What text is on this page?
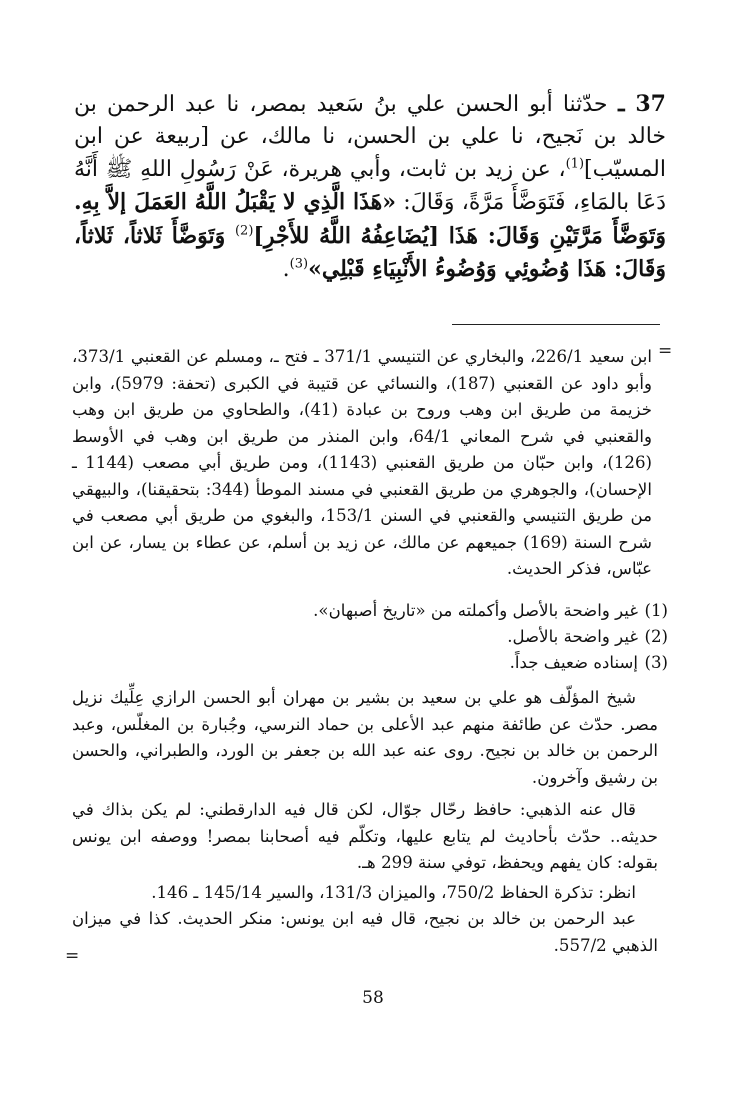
37 ـ حدّثنا أبو الحسن علي بنُ سَعيد بمصر، نا عبد الرحمن بن خالد بن نَجيح، نا علي بن الحسن، نا مالك، عن [ربيعة عن ابن المسيّب]$^{(1)}$، عن زيد بن ثابت، وأبي هريرة، عَنْ رَسُولِ اللهِ ﷺ أَنَّهُ دَعَا بالمَاءِ، فَتَوَضَّأَ مَرَّةً، وَقَالَ: «هَذَا الَّذِي لا يَقْبَلُ اللَّهُ العَمَلَ إلاَّ بِهِ. وَتَوَضَّأَ مَرَّتَيْنِ وَقَالَ: هَذَا [يُضَاعِفُهُ اللَّهُ للأَجْرِ]$^{(2)}$ وَتَوَضَّأَ ثَلاثاً، ثَلاثاً، وَقَالَ: هَذَا وُضُوئِي وَوُضُوءُ الأَنْبِيَاءِ قَبْلِي»$^{(3)}$.
=
ابن سعيد 226/1، والبخاري عن التنيسي 371/1 ـ فتح ـ، ومسلم عن القعنبي 373/1، وأبو داود عن القعنبي (187)، والنسائي عن قتيبة في الكبرى (تحفة: 5979)، وابن خزيمة من طريق ابن وهب وروح بن عبادة (41)، والطحاوي من طريق ابن وهب والقعنبي في شرح المعاني 64/1، وابن المنذر من طريق ابن وهب في الأوسط (126)، وابن حبّان من طريق القعنبي (1143)، ومن طريق أبي مصعب (1144 ـ الإحسان)، والجوهري من طريق القعنبي في مسند الموطأ (344: بتحقيقنا)، والبيهقي من طريق التنيسي والقعنبي في السنن 153/1، والبغوي من طريق أبي مصعب في شرح السنة (169) جميعهم عن مالك، عن زيد بن أسلم، عن عطاء بن يسار، عن ابن عبّاس، فذكر الحديث.
(1)
غير واضحة بالأصل وأكملته من «تاريخ أصبهان».
(2)
غير واضحة بالأصل.
(3)
إسناده ضعيف جداً.
شيخ المؤلّف هو علي بن سعيد بن بشير بن مهران أبو الحسن الرازي عِلِّيك نزيل مصر. حدّث عن طائفة منهم عبد الأعلى بن حماد النرسي، وجُبارة بن المغلّس، وعبد الرحمن بن خالد بن نجيح. روى عنه عبد الله بن جعفر بن الورد، والطبراني، والحسن بن رشيق وآخرون.
قال عنه الذهبي: حافظ رحّال جوّال، لكن قال فيه الدارقطني: لم يكن بذاك في حديثه.. حدّث بأحاديث لم يتابع عليها، وتكلّم فيه أصحابنا بمصر! ووصفه ابن يونس بقوله: كان يفهم ويحفظ، توفي سنة 299 هـ.
انظر: تذكرة الحفاظ 750/2، والميزان 131/3، والسير 145/14 ـ 146.
عبد الرحمن بن خالد بن نجيح، قال فيه ابن يونس: منكر الحديث. كذا في ميزان الذهبي 557/2.
=
58
